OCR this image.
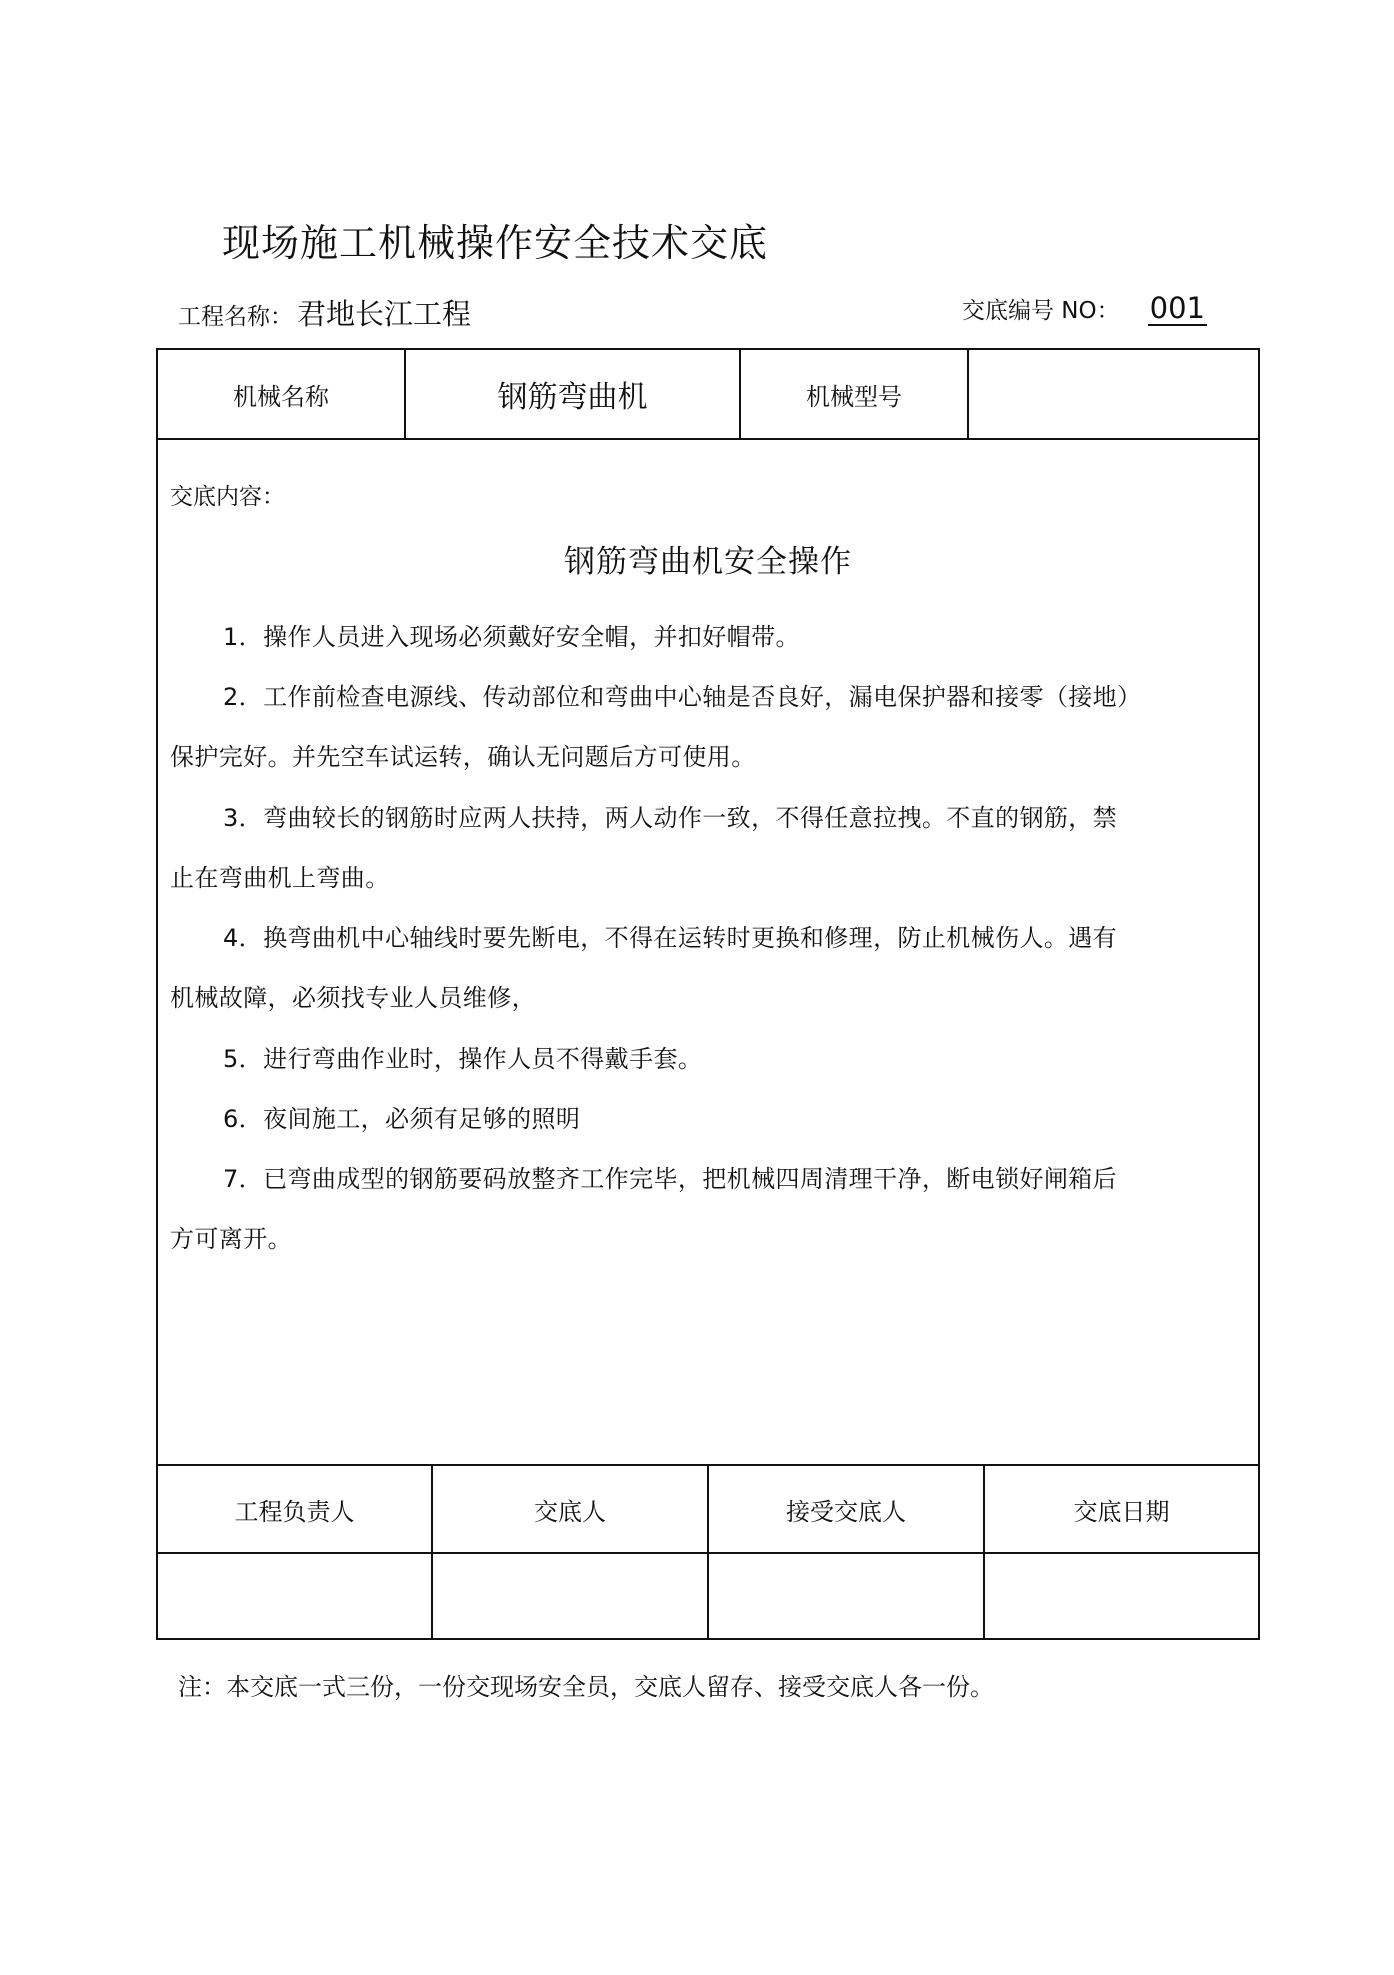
现场施工机械操作安全技术交底
工程名称： 君地长江工程	交底编号 NO： 001
机械名称	钢筋弯曲机	机械型号
交底内容：
钢筋弯曲机安全操作
1．操作人员进入现场必须戴好安全帽，并扣好帽带。
2．工作前检查电源线、传动部位和弯曲中心轴是否良好，漏电保护器和接零（接地）
保护完好。并先空车试运转，确认无问题后方可使用。
3．弯曲较长的钢筋时应两人扶持，两人动作一致，不得任意拉拽。不直的钢筋，禁
止在弯曲机上弯曲。
4．换弯曲机中心轴线时要先断电，不得在运转时更换和修理，防止机械伤人。遇有
机械故障，必须找专业人员维修，
5．进行弯曲作业时，操作人员不得戴手套。
6．夜间施工，必须有足够的照明
7．已弯曲成型的钢筋要码放整齐工作完毕，把机械四周清理干净，断电锁好闸箱后
方可离开。
工程负责人	交底人	接受交底人	交底日期
注：本交底一式三份，一份交现场安全员，交底人留存、接受交底人各一份。
